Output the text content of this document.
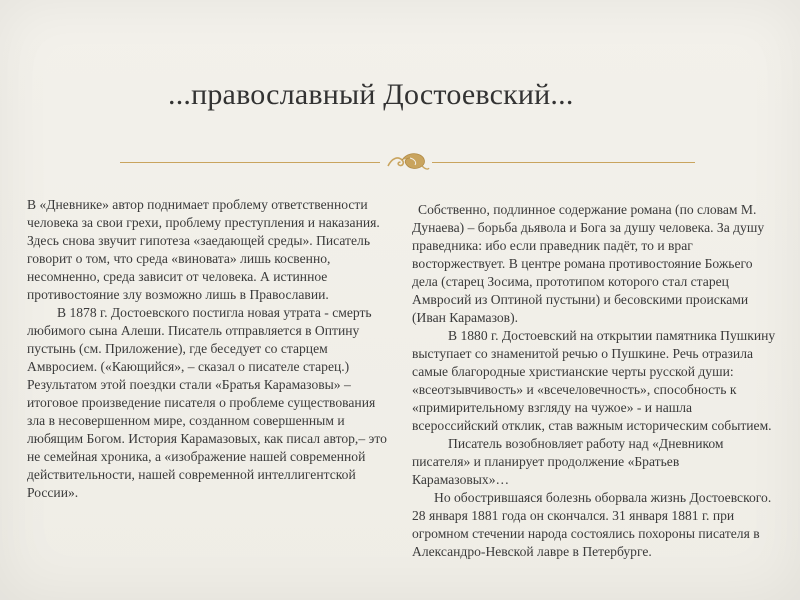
...православный Достоевский...

В «Дневнике» автор поднимает проблему ответственности человека за свои грехи, проблему преступления и наказания. Здесь снова звучит гипотеза «заедающей среды». Писатель говорит о том, что среда «виновата» лишь косвенно, несомненно, среда зависит от человека. А истинное противостояние злу возможно лишь в Православии.

В 1878 г. Достоевского постигла новая утрата - смерть любимого сына Алеши. Писатель отправляется в Оптину пустынь (см. Приложение), где беседует со старцем Амвросием. («Кающийся», – сказал о писателе старец.) Результатом этой поездки стали «Братья Карамазовы» – итоговое произведение писателя о проблеме существования зла в несовершенном мире, созданном совершенным и любящим Богом. История Карамазовых, как писал автор,– это не семейная хроника, а «изображение нашей современной действительности, нашей современной интеллигентской России».

Собственно, подлинное содержание романа (по словам М. Дунаева) – борьба дьявола и Бога за душу человека. За душу праведника: ибо если праведник падёт, то и враг восторжествует. В центре романа противостояние Божьего дела (старец Зосима, прототипом которого стал старец Амвросий из Оптиной пустыни) и бесовскими происками (Иван Карамазов).

В 1880 г. Достоевский на открытии памятника Пушкину выступает со знаменитой речью о Пушкине. Речь отразила самые благородные христианские черты русской души: «всеотзывчивость» и «всечеловечность», способность к «примирительному взгляду на чужое» - и нашла всероссийский отклик, став важным историческим событием.

Писатель возобновляет работу над «Дневником писателя» и планирует продолжение «Братьев Карамазовых»…

Но обострившаяся болезнь оборвала жизнь Достоевского. 28 января 1881 года он скончался. 31 января 1881 г. при огромном стечении народа состоялись похороны писателя в Александро-Невской лавре в Петербурге.
